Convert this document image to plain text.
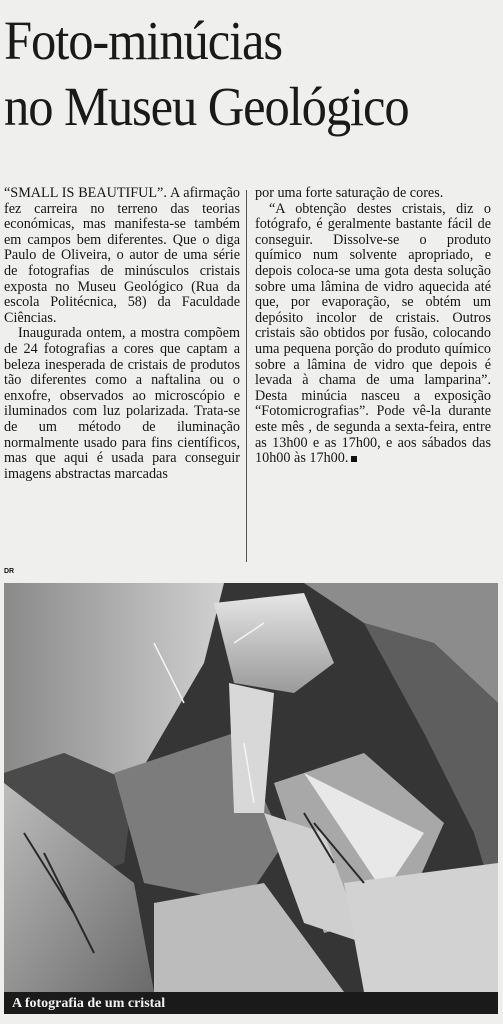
Foto-minúcias
no Museu Geológico

“SMALL IS BEAUTIFUL”. A afirmação fez carreira no terreno das teorias económicas, mas manifesta-se também em campos bem diferentes. Que o diga Paulo de Oliveira, o autor de uma série de fotografias de minúsculos cristais exposta no Museu Geológico (Rua da escola Politécnica, 58) da Faculdade Ciências.

Inaugurada ontem, a mostra compõem de 24 fotografias a cores que captam a beleza inesperada de cristais de produtos tão diferentes como a naftalina ou o enxofre, observados ao microscópio e iluminados com luz polarizada. Trata-se de um método de iluminação normalmente usado para fins científicos, mas que aqui é usada para conseguir imagens abstractas marcadas

por uma forte saturação de cores.

“A obtenção destes cristais, diz o fotógrafo, é geralmente bastante fácil de conseguir. Dissolve-se o produto químico num solvente apropriado, e depois coloca-se uma gota desta solução sobre uma lâmina de vidro aquecida até que, por evaporação, se obtém um depósito incolor de cristais. Outros cristais são obtidos por fusão, colocando uma pequena porção do produto químico sobre a lâmina de vidro que depois é levada à chama de uma lamparina”. Desta minúcia nasceu a exposição “Fotomicrografias”. Pode vê-la durante este mês , de segunda a sexta-feira, entre as 13h00 e as 17h00, e aos sábados das 10h00 às 17h00.

DR
A fotografia de um cristal
